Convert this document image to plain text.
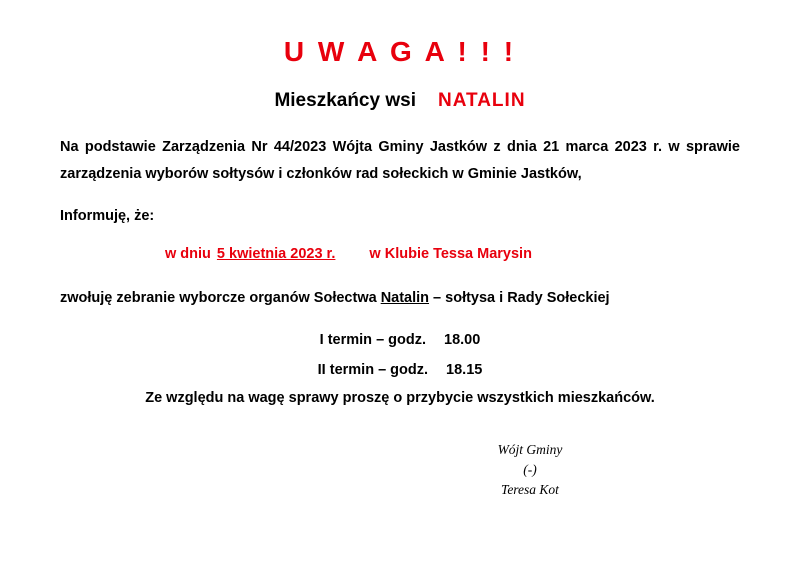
U W A G A ! ! !
Mieszkańcy wsi NATALIN

Na podstawie Zarządzenia Nr 44/2023 Wójta Gminy Jastków z dnia 21 marca 2023 r. w sprawie zarządzenia wyborów sołtysów i członków rad sołeckich w Gminie Jastków,

Informuję, że:

w dniu 5 kwietnia 2023 r. w Klubie Tessa Marysin

zwołuję zebranie wyborcze organów Sołectwa Natalin – sołtysa i Rady Sołeckiej

I termin – godz. 18.00

II termin – godz. 18.15

Ze względu na wagę sprawy proszę o przybycie wszystkich mieszkańców.

Wójt Gminy
(-)
Teresa Kot
